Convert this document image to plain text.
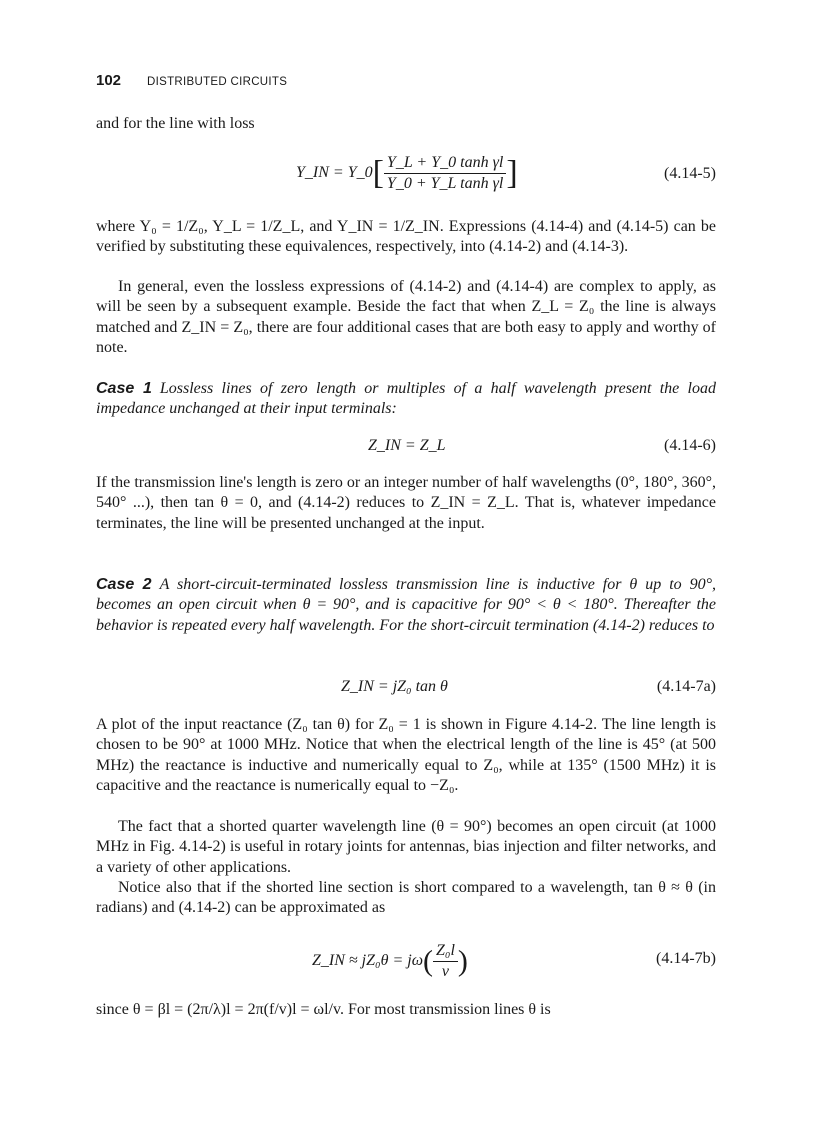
102 DISTRIBUTED CIRCUITS
and for the line with loss
Y_IN = Y_0[ $\frac{\text{Y\_L + Y\_0 tanh γl}}{\text{Y\_0 + Y\_L tanh γl}}$ ]	(4.14-5)
where Y₀ = 1/Z₀, Y_L = 1/Z_L, and Y_IN = 1/Z_IN. Expressions (4.14-4) and (4.14-5) can be verified by substituting these equivalences, respectively, into (4.14-2) and (4.14-3).
In general, even the lossless expressions of (4.14-2) and (4.14-4) are complex to apply, as will be seen by a subsequent example. Beside the fact that when Z_L = Z₀ the line is always matched and Z_IN = Z₀, there are four additional cases that are both easy to apply and worthy of note.
Case 1 Lossless lines of zero length or multiples of a half wavelength present the load impedance unchanged at their input terminals:
Z_IN = Z_L	(4.14-6)
If the transmission line's length is zero or an integer number of half wavelengths (0°, 180°, 360°, 540° ...), then tan θ = 0, and (4.14-2) reduces to Z_IN = Z_L. That is, whatever impedance terminates, the line will be presented unchanged at the input.
Case 2 A short-circuit-terminated lossless transmission line is inductive for θ up to 90°, becomes an open circuit when θ = 90°, and is capacitive for 90° < θ < 180°. Thereafter the behavior is repeated every half wavelength. For the short-circuit termination (4.14-2) reduces to
Z_IN = jZ₀ tan θ	(4.14-7a)
A plot of the input reactance (Z₀ tan θ) for Z₀ = 1 is shown in Figure 4.14-2. The line length is chosen to be 90° at 1000 MHz. Notice that when the electrical length of the line is 45° (at 500 MHz) the reactance is inductive and numerically equal to Z₀, while at 135° (1500 MHz) it is capacitive and the reactance is numerically equal to −Z₀.
The fact that a shorted quarter wavelength line (θ = 90°) becomes an open circuit (at 1000 MHz in Fig. 4.14-2) is useful in rotary joints for antennas, bias injection and filter networks, and a variety of other applications.
Notice also that if the shorted line section is short compared to a wavelength, tan θ ≈ θ (in radians) and (4.14-2) can be approximated as
Z_IN ≈ $jZ_0\theta = j\omega( \frac{\text{Z₀l}}{v}$ )	(4.14-7b)
since θ = βl = (2π/λ)l = 2π(f/v)l = ωl/v. For most transmission lines θ is
